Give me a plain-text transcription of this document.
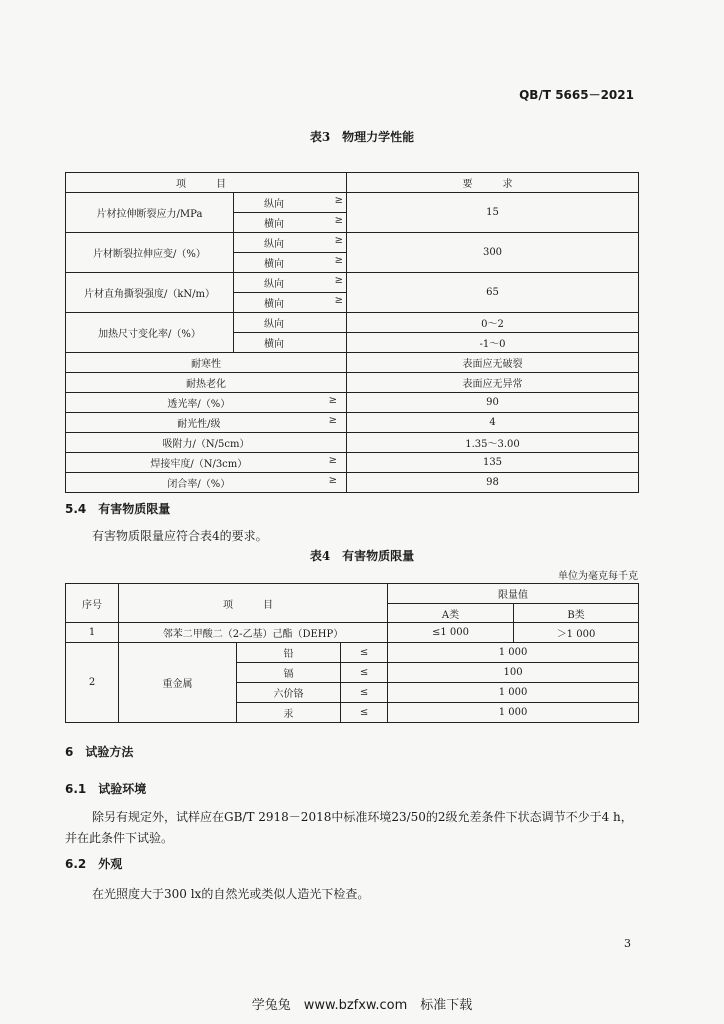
QB/T 5665－2021
表3　物理力学性能
项　目		要　求
片材拉伸断裂应力/MPa	纵向 ≥	15
	横向 ≥	

片材断裂拉伸应变/（%）	纵向 ≥	300
	横向 ≥	

片材直角撕裂强度/（kN/m）	纵向 ≥	65
	横向 ≥	

加热尺寸变化率/（%）	纵向	0～2
	横向	-1～0
耐寒性		表面应无破裂
耐热老化		表面应无异常
透光率/（%） ≥		90
耐光性/级 ≥		4
吸附力/（N/5cm）		1.35～3.00
焊接牢度/（N/3cm） ≥		135
闭合率/（%） ≥		98
5.4　 有害物质限量
有害物质限量应符合表4的要求。
表4　有害物质限量
单位为毫克每千克
序号	项　目			限量值	
				A类	B类
1	邻苯二甲酸二（2-乙基）己酯（DEHP）			≤1 000	＞1 000
2	重金属	铅	≤	1 000	
		镉	≤	100	
		六价铬	≤	1 000	
		汞	≤	1 000	
6　 试验方法
6.1　 试验环境
除另有规定外，试样应在GB/T 2918－2018中标准环境23/50的2级允差条件下状态调节不少于4 h，
并在此条件下试验。
6.2　 外观
在光照度大于300 lx的自然光或类似人造光下检查。
3
学兔兔　www.bzfxw.com　标准下载
